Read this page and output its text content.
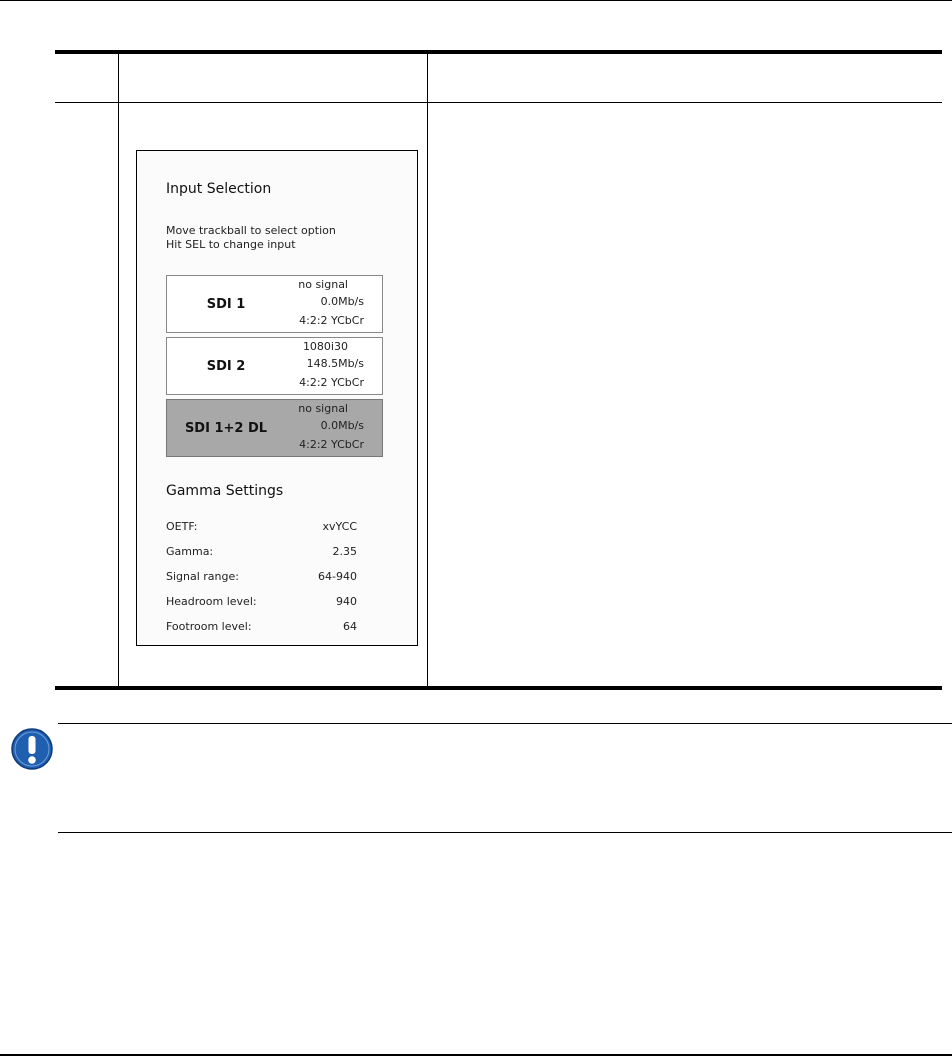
Input Selection
Move trackball to select option
Hit SEL to change input
SDI 1
no signal
0.0Mb/s
4:2:2 YCbCr
SDI 2
1080i30
148.5Mb/s
4:2:2 YCbCr
SDI 1+2 DL
no signal
0.0Mb/s
4:2:2 YCbCr
Gamma Settings
OETF:	xvYCC
Gamma:	2.35
Signal range:	64-940
Headroom level:	940
Footroom level:	64
